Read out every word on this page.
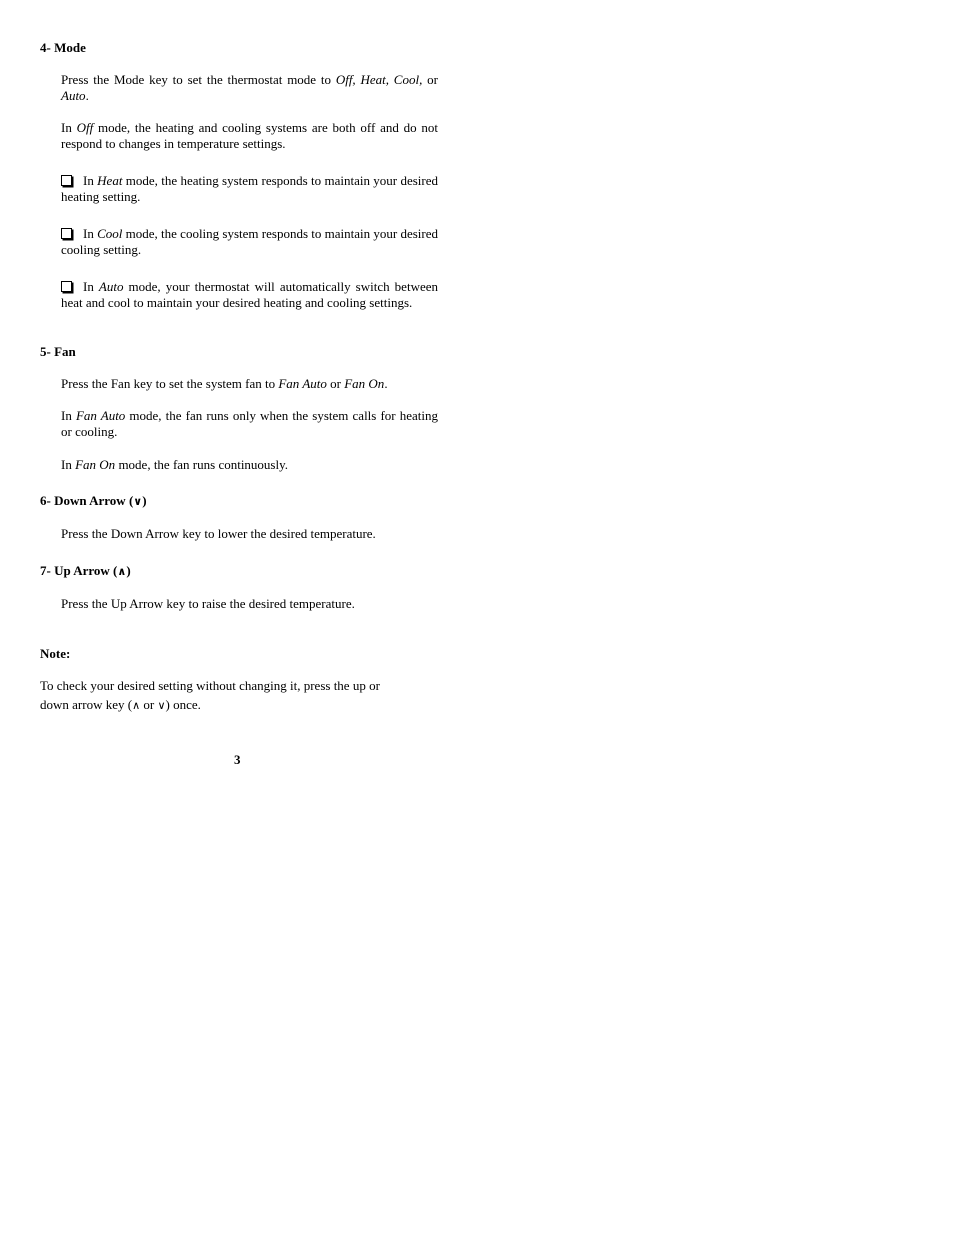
4- Mode
Press the Mode key to set the thermostat mode to Off, Heat, Cool, or Auto.
In Off mode, the heating and cooling systems are both off and do not respond to changes in temperature settings.
In Heat mode, the heating system responds to maintain your desired heating setting.
In Cool mode, the cooling system responds to maintain your desired cooling setting.
In Auto mode, your thermostat will automatically switch between heat and cool to maintain your desired heating and cooling settings.
5- Fan
Press the Fan key to set the system fan to Fan Auto or Fan On.
In Fan Auto mode, the fan runs only when the system calls for heating or cooling.
In Fan On mode, the fan runs continuously.
6- Down Arrow (∨)
Press the Down Arrow key to lower the desired temperature.
7- Up Arrow (∧)
Press the Up Arrow key to raise the desired temperature.
Note:
To check your desired setting without changing it, press the up or
down arrow key (∧ or ∨) once.
3
